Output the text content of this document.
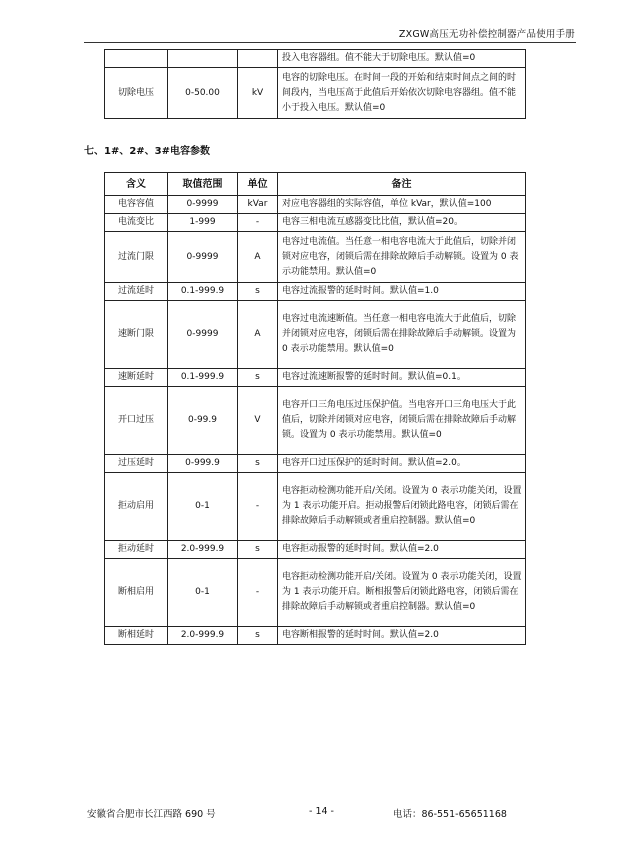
ZXGW高压无功补偿控制器产品使用手册
			投入电容器组。值不能大于切除电压。默认值=0
切除电压	0-50.00	kV	电容的切除电压。在时间一段的开始和结束时间点之间的时间段内，当电压高于此值后开始依次切除电容器组。值不能小于投入电压。默认值=0
七、1#、2#、3#电容参数
含义	取值范围	单位	备注
电容容值	0-9999	kVar	对应电容器组的实际容值，单位 kVar，默认值=100
电流变比	1-999	-	电容三相电流互感器变比比值，默认值=20。
过流门限	0-9999	A	电容过电流值。当任意一相电容电流大于此值后，切除并闭锁对应电容，闭锁后需在排除故障后手动解锁。设置为 0 表示功能禁用。默认值=0
过流延时	0.1-999.9	s	电容过流报警的延时时间。默认值=1.0
速断门限	0-9999	A	电容过电流速断值。当任意一相电容电流大于此值后，切除并闭锁对应电容，闭锁后需在排除故障后手动解锁。设置为 0 表示功能禁用。默认值=0
速断延时	0.1-999.9	s	电容过流速断报警的延时时间。默认值=0.1。
开口过压	0-99.9	V	电容开口三角电压过压保护值。当电容开口三角电压大于此值后，切除并闭锁对应电容，闭锁后需在排除故障后手动解锁。设置为 0 表示功能禁用。默认值=0
过压延时	0-999.9	s	电容开口过压保护的延时时间。默认值=2.0。
拒动启用	0-1	-	电容拒动检测功能开启/关闭。设置为 0 表示功能关闭，设置为 1 表示功能开启。拒动报警后闭锁此路电容，闭锁后需在排除故障后手动解锁或者重启控制器。默认值=0
拒动延时	2.0-999.9	s	电容拒动报警的延时时间。默认值=2.0
断相启用	0-1	-	电容拒动检测功能开启/关闭。设置为 0 表示功能关闭，设置为 1 表示功能开启。断相报警后闭锁此路电容，闭锁后需在排除故障后手动解锁或者重启控制器。默认值=0
断相延时	2.0-999.9	s	电容断相报警的延时时间。默认值=2.0
安徽省合肥市长江西路 690 号	- 14 -	电话：86-551-65651168
